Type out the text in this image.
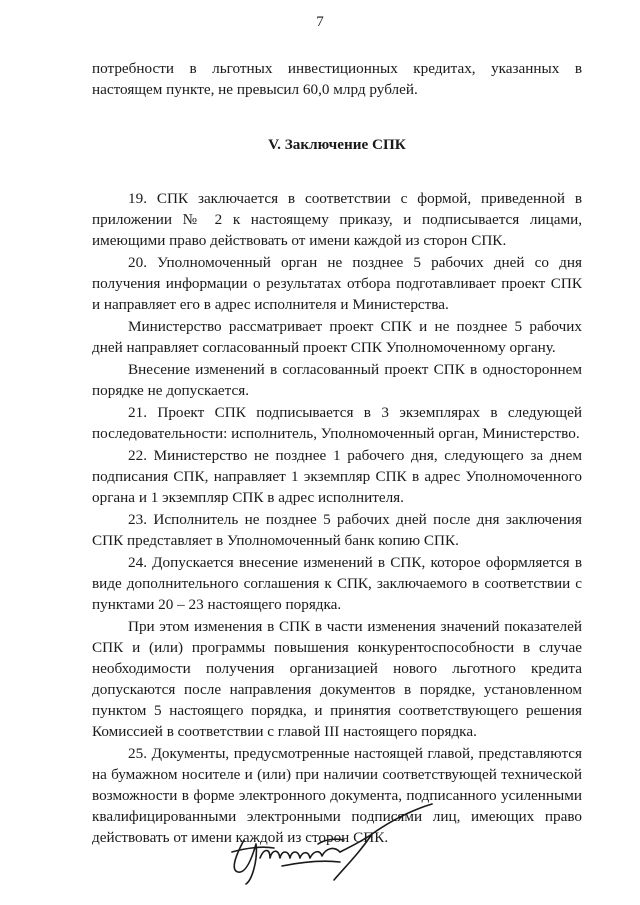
7

потребности в льготных инвестиционных кредитах, указанных в настоящем пункте, не превысил 60,0 млрд рублей.

V. Заключение СПК

19. СПК заключается в соответствии с формой, приведенной в приложении № 2 к настоящему приказу, и подписывается лицами, имеющими право действовать от имени каждой из сторон СПК.

20. Уполномоченный орган не позднее 5 рабочих дней со дня получения информации о результатах отбора подготавливает проект СПК и направляет его в адрес исполнителя и Министерства.

Министерство рассматривает проект СПК и не позднее 5 рабочих дней направляет согласованный проект СПК Уполномоченному органу.

Внесение изменений в согласованный проект СПК в одностороннем порядке не допускается.

21. Проект СПК подписывается в 3 экземплярах в следующей последовательности: исполнитель, Уполномоченный орган, Министерство.

22. Министерство не позднее 1 рабочего дня, следующего за днем подписания СПК, направляет 1 экземпляр СПК в адрес Уполномоченного органа и 1 экземпляр СПК в адрес исполнителя.

23. Исполнитель не позднее 5 рабочих дней после дня заключения СПК представляет в Уполномоченный банк копию СПК.

24. Допускается внесение изменений в СПК, которое оформляется в виде дополнительного соглашения к СПК, заключаемого в соответствии с пунктами 20 – 23 настоящего порядка.

При этом изменения в СПК в части изменения значений показателей СПК и (или) программы повышения конкурентоспособности в случае необходимости получения организацией нового льготного кредита допускаются после направления документов в порядке, установленном пунктом 5 настоящего порядка, и принятия соответствующего решения Комиссией в соответствии с главой III настоящего порядка.

25. Документы, предусмотренные настоящей главой, представляются на бумажном носителе и (или) при наличии соответствующей технической возможности в форме электронного документа, подписанного усиленными квалифицированными электронными подписями лиц, имеющих право действовать от имени каждой из сторон СПК.
